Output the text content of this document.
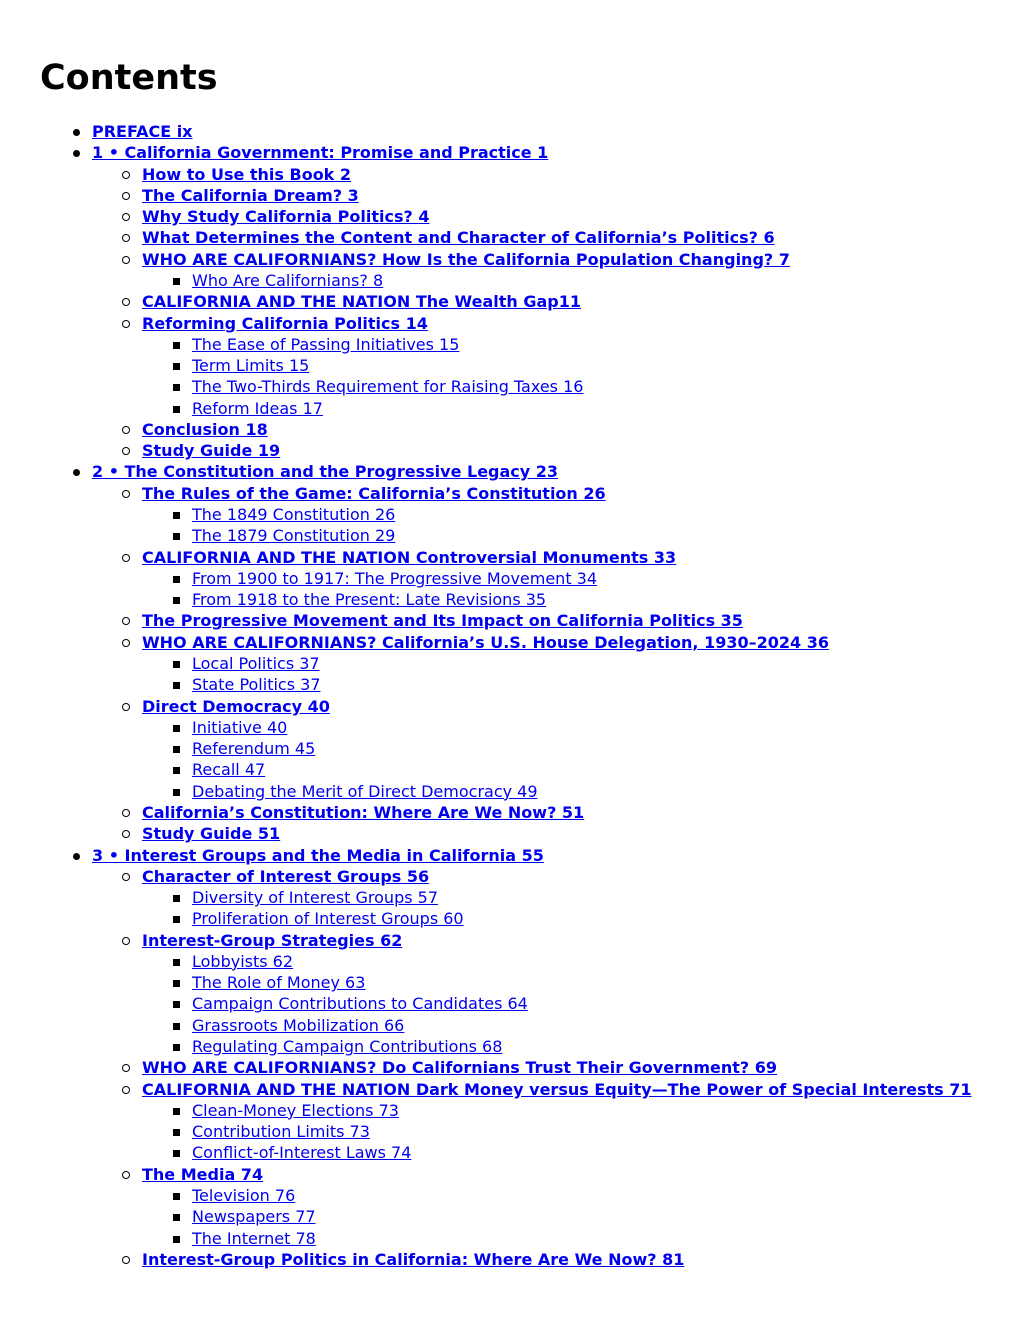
Contents
PREFACE ix
1 • California Government: Promise and Practice 1
How to Use this Book 2
The California Dream? 3
Why Study California Politics? 4
What Determines the Content and Character of California’s Politics? 6
WHO ARE CALIFORNIANS? How Is the California Population Changing? 7
Who Are Californians? 8
CALIFORNIA AND THE NATION The Wealth Gap11
Reforming California Politics 14
The Ease of Passing Initiatives 15
Term Limits 15
The Two-Thirds Requirement for Raising Taxes 16
Reform Ideas 17
Conclusion 18
Study Guide 19
2 • The Constitution and the Progressive Legacy 23
The Rules of the Game: California’s Constitution 26
The 1849 Constitution 26
The 1879 Constitution 29
CALIFORNIA AND THE NATION Controversial Monuments 33
From 1900 to 1917: The Progressive Movement 34
From 1918 to the Present: Late Revisions 35
The Progressive Movement and Its Impact on California Politics 35
WHO ARE CALIFORNIANS? California’s U.S. House Delegation, 1930–2024 36
Local Politics 37
State Politics 37
Direct Democracy 40
Initiative 40
Referendum 45
Recall 47
Debating the Merit of Direct Democracy 49
California’s Constitution: Where Are We Now? 51
Study Guide 51
3 • Interest Groups and the Media in California 55
Character of Interest Groups 56
Diversity of Interest Groups 57
Proliferation of Interest Groups 60
Interest-Group Strategies 62
Lobbyists 62
The Role of Money 63
Campaign Contributions to Candidates 64
Grassroots Mobilization 66
Regulating Campaign Contributions 68
WHO ARE CALIFORNIANS? Do Californians Trust Their Government? 69
CALIFORNIA AND THE NATION Dark Money versus Equity—The Power of Special Interests 71
Clean-Money Elections 73
Contribution Limits 73
Conflict-of-Interest Laws 74
The Media 74
Television 76
Newspapers 77
The Internet 78
Interest-Group Politics in California: Where Are We Now? 81
